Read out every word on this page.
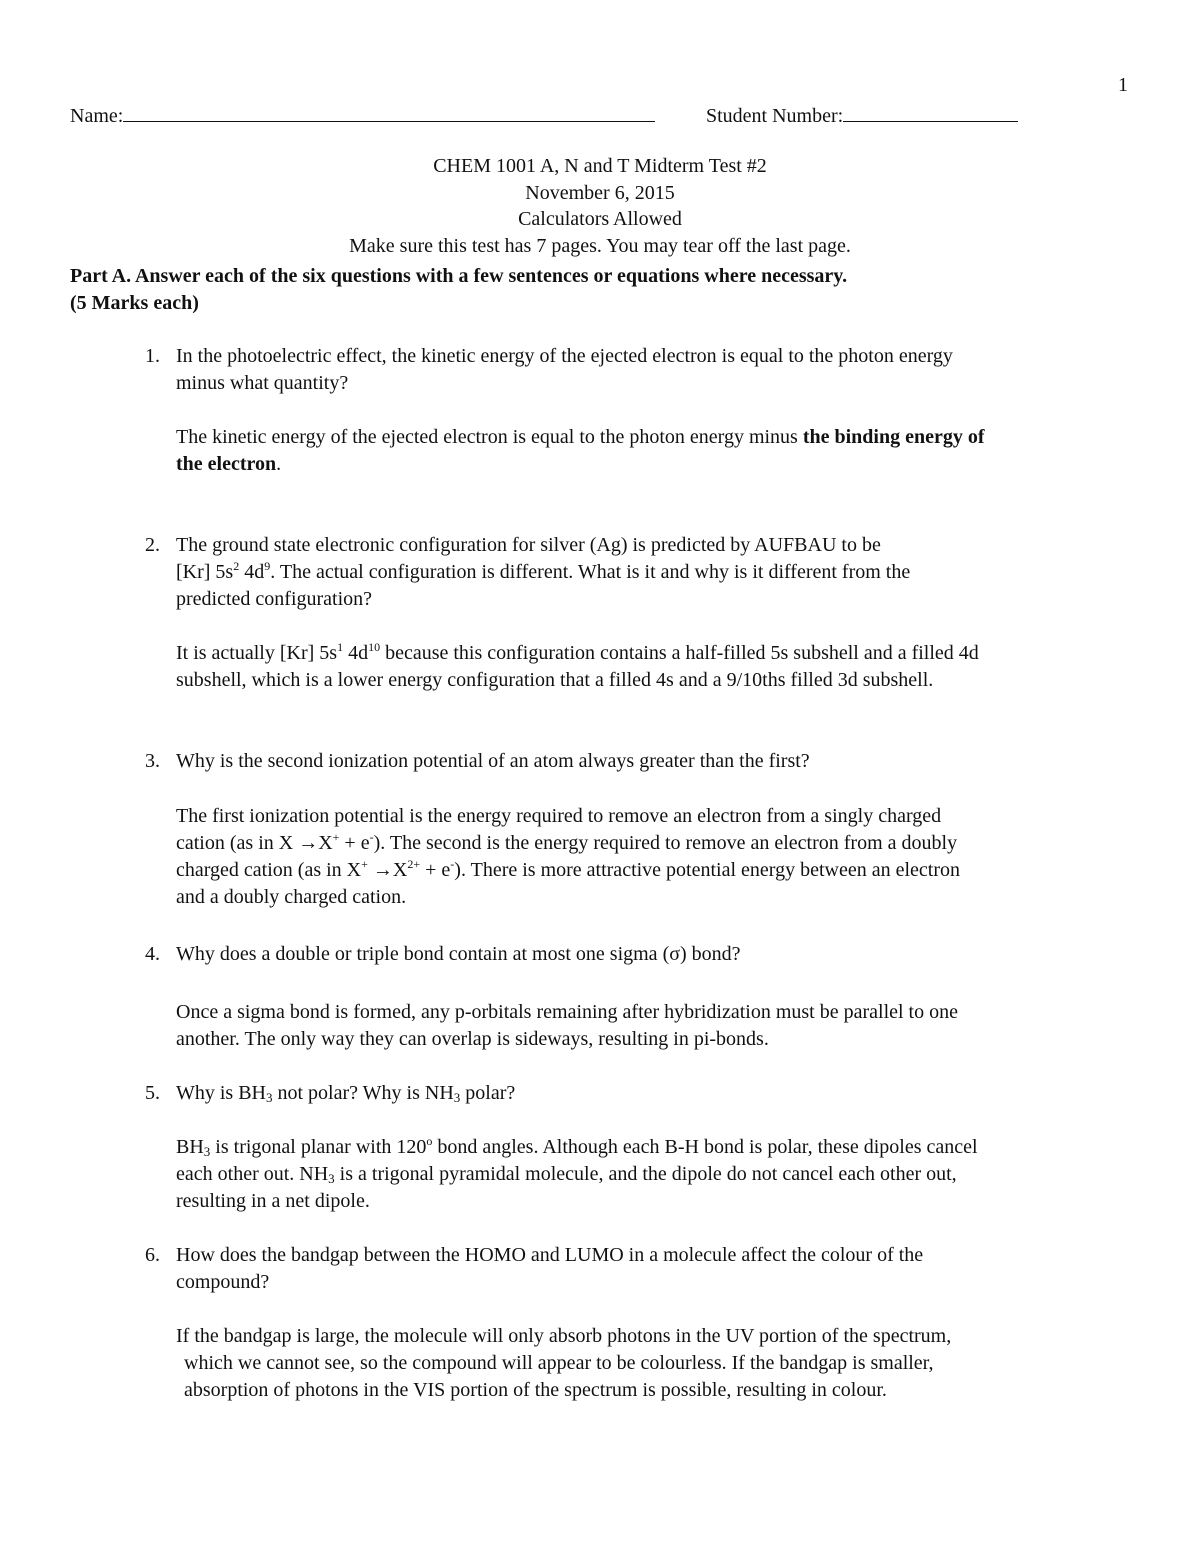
1
Name:	Student Number:
CHEM 1001 A, N and T Midterm Test #2
November 6, 2015
Calculators Allowed
Make sure this test has 7 pages. You may tear off the last page.
Part A. Answer each of the six questions with a few sentences or equations where necessary.
(5 Marks each)
1. In the photoelectric effect, the kinetic energy of the ejected electron is equal to the photon energy
minus what quantity?
The kinetic energy of the ejected electron is equal to the photon energy minus the binding energy of
the electron.
2. The ground state electronic configuration for silver (Ag) is predicted by AUFBAU to be
[Kr] $5s^2$ $4d^9$. The actual configuration is different. What is it and why is it different from the
predicted configuration?
It is actually [Kr] $5s^1$ $4d^{10}$ because this configuration contains a half-filled 5s subshell and a filled 4d
subshell, which is a lower energy configuration that a filled 4s and a 9/10ths filled 3d subshell.
3. Why is the second ionization potential of an atom always greater than the first?
The first ionization potential is the energy required to remove an electron from a singly charged
cation (as in X →X+ + e-). The second is the energy required to remove an electron from a doubly
charged cation (as in $X^+ \to X^{2+} + e^-$). There is more attractive potential energy between an electron
and a doubly charged cation.
4. Why does a double or triple bond contain at most one sigma (σ) bond?
Once a sigma bond is formed, any p-orbitals remaining after hybridization must be parallel to one
another. The only way they can overlap is sideways, resulting in pi-bonds.
5. Why is $BH_3$ not polar? Why is $NH_3$ polar?
$BH_3$ is trigonal planar with 120$^o$ bond angles. Although each B-H bond is polar, these dipoles cancel
each other out. $NH_3$ is a trigonal pyramidal molecule, and the dipole do not cancel each other out,
resulting in a net dipole.
6. How does the bandgap between the HOMO and LUMO in a molecule affect the colour of the
compound?
If the bandgap is large, the molecule will only absorb photons in the UV portion of the spectrum,
which we cannot see, so the compound will appear to be colourless. If the bandgap is smaller,
absorption of photons in the VIS portion of the spectrum is possible, resulting in colour.
